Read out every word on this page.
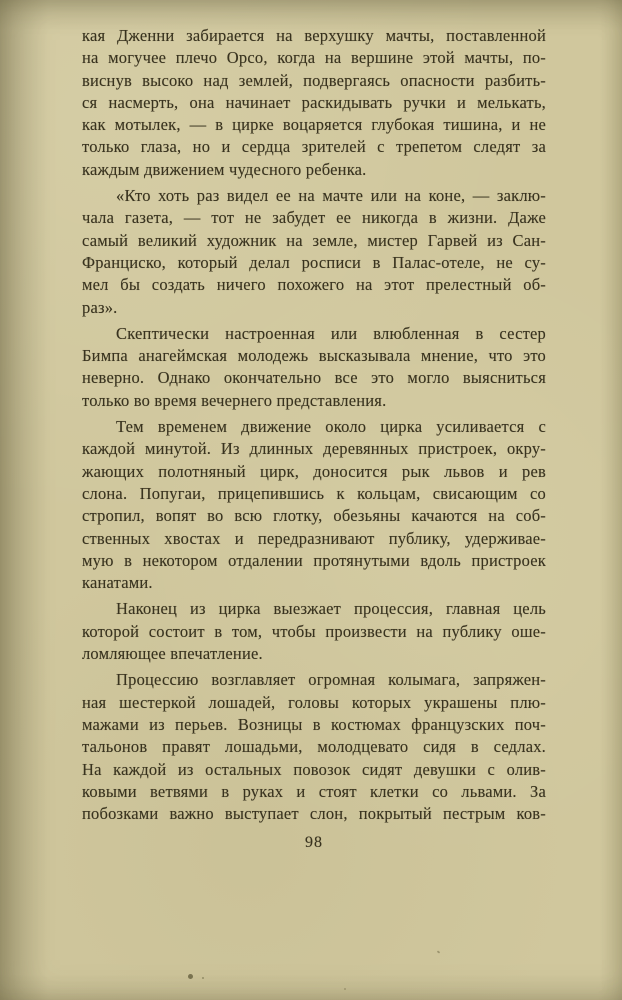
кая Дженни забирается на верхушку мачты, поставленной
на могучее плечо Орсо, когда на вершине этой мачты, по-
виснув высоко над землей, подвергаясь опасности разбить-
ся насмерть, она начинает раскидывать ручки и мелькать,
как мотылек, — в цирке воцаряется глубокая тишина, и не
только глаза, но и сердца зрителей с трепетом следят за
каждым движением чудесного ребенка.
«Кто хоть раз видел ее на мачте или на коне, — заклю-
чала газета, — тот не забудет ее никогда в жизни. Даже
самый великий художник на земле, мистер Гарвей из Сан-
Франциско, который делал росписи в Палас-отеле, не су-
мел бы создать ничего похожего на этот прелестный об-
раз».
Скептически настроенная или влюбленная в сестер
Бимпа анагеймская молодежь высказывала мнение, что это
неверно. Однако окончательно все это могло выясниться
только во время вечернего представления.
Тем временем движение около цирка усиливается с
каждой минутой. Из длинных деревянных пристроек, окру-
жающих полотняный цирк, доносится рык львов и рев
слона. Попугаи, прицепившись к кольцам, свисающим со
стропил, вопят во всю глотку, обезьяны качаются на соб-
ственных хвостах и передразнивают публику, удерживае-
мую в некотором отдалении протянутыми вдоль пристроек
канатами.
Наконец из цирка выезжает процессия, главная цель
которой состоит в том, чтобы произвести на публику оше-
ломляющее впечатление.
Процессию возглавляет огромная колымага, запряжен-
ная шестеркой лошадей, головы которых украшены плю-
мажами из перьев. Возницы в костюмах французских поч-
тальонов правят лошадьми, молодцевато сидя в седлах.
На каждой из остальных повозок сидят девушки с олив-
ковыми ветвями в руках и стоят клетки со львами. За
побозками важно выступает слон, покрытый пестрым ков-
98
